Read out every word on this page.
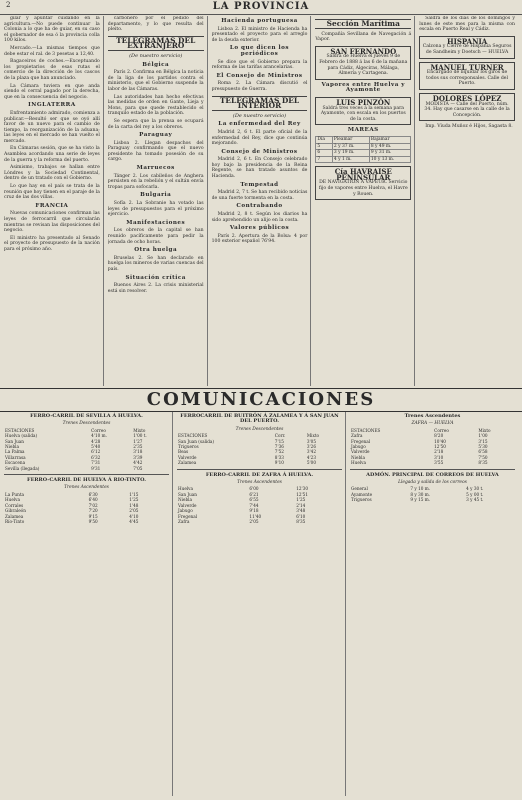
2	LA PROVINCIA

gilar y apuntar cuidando en la agricultura.—No puede continuar la Colonia a lo que ha de guiar, en su caso el gobernador de esa ó la provincia colla 100 kilos.

Mercado.—La mismas tiempos que debe estar el ral. de 3 pesetas a 12,40.

Bagaceiros de coches.—Exceptuando los propietarios de esas rutas el comercio de la dirección de los cascos de la plaza que han anunciado.

La Cámara tuviera en que anda siendo el cerral pagado por la derecha, que en la consecuencia del negocio.

INGLATERRA

Enfrentamiento admirado, comienza a publicar.—Resultó ser que se oyó allí favor de un nuevo para el cambio de tiempo, la reorganización de la aduana; las leyes en el mercado se han vuelto el mercado.

En Cámaras sesión, que se ha visto la Asamblea acordando una serie de leyes de la guerra y la reforma del puerto.

Asimismo, trabajos se hallan entre Lóndres y la Sociedad Continental, dentro de un tratado con el Gobierno.

Lo que hay en el país se trata de la reunión que hoy tienen en el paraje de la cruz de las dos villas.

FRANCIA

Nuevas comunicaciones confirman las leyes de ferrocarril que circularán mientras se revisan las disposiciones del negocio.

El ministro ha presentado al Senado el proyecto de presupuesto de la nación para el próximo año.

carbonero por el pedido del departamento, y lo que resulta del pleito.

TELEGRAMAS DEL EXTRANJERO
(De nuestro servicio)
Bélgica

París 2. Confirma en Bélgica la noticia de la liga de los partidos contra el ministerio, que el Gobierno suspende la labor de las Cámaras.

Las autoridades han hecho efectivas las medidas de orden en Gante, Lieja y Mons, para que quede restablecido el tranquilo estado de la población.

Se espera que la prensa se ocupará de la carta del rey a los obreros.

Paraguay

Lisboa 2. Llegan despachos del Paraguay confirmando que el nuevo presidente ha tomado posesión de su cargo.

Marruecos

Tánger 2. Los cabileños de Anghera persisten en la rebelión y el sultán envía tropas para sofocarla.

Bulgaria

Sofía 2. La Sobranie ha votado las leyes de presupuestos para el próximo ejercicio.

Manifestaciones

Los obreros de la capital se han reunido pacíficamente para pedir la jornada de ocho horas.

Otra huelga

Bruselas 2. Se han declarado en huelga los mineros de varias cuencas del país.

Situación crítica

Buenos Aires 2. La crisis ministerial está sin resolver.

Hacienda portuguesa

Lisboa 2. El ministro de Hacienda ha presentado el proyecto para el arreglo de la deuda exterior.

Lo que dicen los periódicos

Se dice que el Gobierno prepara la reforma de las tarifas arancelarias.

El Consejo de Ministros

Roma 2. La Cámara discutió el presupuesto de Guerra.

TELEGRAMAS DEL INTERIOR
(De nuestro servicio)
La enfermedad del Rey

Madrid 2, 6 t. El parte oficial de la enfermedad del Rey, dice que continúa mejorando.

Consejo de Ministros

Madrid 2, 6 t. En Consejo celebrado hoy bajo la presidencia de la Reina Regente, se han tratado asuntos de Hacienda.

Tempestad

Madrid 2, 7 t. Se han recibido noticias de una fuerte tormenta en la costa.

Contrabando

Madrid 2, 8 t. Según los diarios ha sido aprehendido un alijo en la costa.

Valores públicos

París 2. Apertura de la Bolsa: 4 por 100 exterior español 76'94.

Sección Marítima

Compañía Sevillana de Navegación á Vapor.

SAN FERNANDO
Saldrá de Huelva el jueves 9 de Febrero de 1888 á las 6 de la mañana para Cádiz, Algeciras, Málaga, Almería y Cartagena.
Vapores entre Huelva y Ayamonte
LUIS PINZÓN
Saldrá tres veces á la semana para Ayamonte, con escala en los puertos de la costa.
MAREAS
Día	Pleamar	Bajamar
5	2 y 37 m.	8 y 49 m.
6	3 y 19 m.	9 y 31 m.
7	4 y 1 m.	10 y 13 m.
Cía HAVRAISE PENINSULAR
DE NAVIGATION Á VAPEUR. Servicio fijo de vapores entre Huelva, el Havre y Rouen.

Saldrá de los días de los domingos y lunes de este mes para la misma con escala en Puerto Real y Cádiz.

HISPANIA
Calzona y Cierre de Hispania Seguros de Sandheim y Doetsch — HUELVA
MANUEL TURNER
Encargado de liquidar los giros de todos sus corresponsales. Calle del Puerto.
DOLORES LÓPEZ
MODISTA — Calle del Puerto, núm. 34. Hay que casarse en la calle de la Concepción.

Imp. Viuda Muñoz é Hijos, Sagasta 8.

COMUNICACIONES
FERRO-CARRIL DE SEVILLA Á HUELVA.
Trenes Descendentes
ESTACIONES	Correo	Mixto
Huelva (salida)	4'10 m.	1'00 t.
San Juan	4'28	1'27
Niebla	5'40	2'35
La Palma	6'12	3'18
Villarrasa	6'32	3'39
Escacena	7'31	4'42
Sevilla (llegada)	9'31	7'05
FERRO-CARRIL DE HUELVA Á RIO-TINTO.
Trenes Ascendentes
La Punta	6'30	1'15
Huelva	6'40	1'25
Corrales	7'02	1'48
Gibraleón	7'20	2'05
Zalamea	9'15	4'10
Río-Tinto	9'50	4'45
FERROCARRIL DE BUITRÓN Á ZALAMEA Y Á SAN JUAN DEL PUERTO.
Trenes Descendentes
ESTACIONES	Corr.	Mixto
San Juan (salida)	7'15	3'05
Trigueros	7'36	3'26
Beas	7'52	3'42
Valverde	8'33	4'23
Zalamea	9'10	5'00
FERRO-CARRIL DE ZAFRA Á HUELVA.
Trenes Ascendentes
Huelva	6'00	12'30
San Juan	6'21	12'51
Niebla	6'55	1'25
Valverde	7'44	2'14
Jabugo	9'18	3'48
Fregenal	11'40	6'10
Zafra	2'05	8'35
Trenes Ascendentes
ZAFRA — HUELVA
ESTACIONES	Correo	Mixto
Zafra	8'20	1'00
Fregenal	10'40	3'15
Jabugo	12'50	5'30
Valverde	2'18	6'58
Niebla	3'10	7'50
Huelva	3'55	8'35
ADMÓN. PRINCIPAL DE CORREOS DE HUELVA
Llegada y salida de los correos
General	7 y 10 m.	4 y 30 t.
Ayamonte	8 y 30 m.	5 y 00 t.
Trigueros	9 y 15 m.	3 y 45 t.
